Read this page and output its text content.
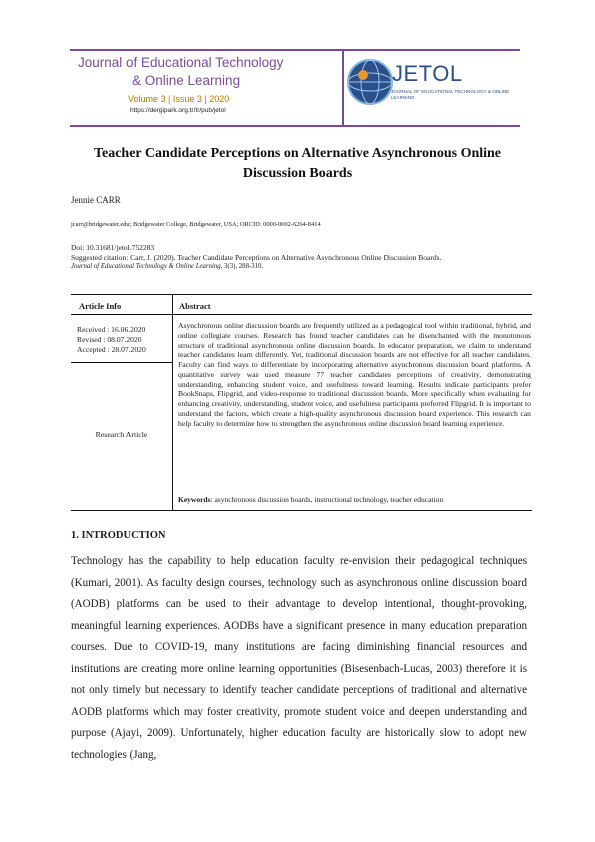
Journal of Educational Technology
& Online Learning
Volume 3 | Issue 3 | 2020
https://dergipark.org.tr/tr/pub/jetol
JETOL
JOURNAL OF EDUCATIONAL TECHNOLOGY & ONLINE LEARNING
Teacher Candidate Perceptions on Alternative Asynchronous Online
Discussion Boards
Jennie CARR
jcarr@bridgewater.edu; Bridgewater College, Bridgewater, USA; ORCID: 0000-0002-6264-8414
Doi: 10.31681/jetol.752283
Suggested citation: Carr, J. (2020). Teacher Candidate Perceptions on Alternative Asynchronous Online Discussion Boards.
Journal of Educational Technology & Online Learning, 3(3), 288-310.
Article Info	Abstract
Received : 16.06.2020
Revised : 08.07.2020
Accepted : 28.07.2020
Research Article
Asynchronous online discussion boards are frequently utilized as a pedagogical tool within traditional, hybrid, and online collegiate courses. Research has found teacher candidates can be disenchanted with the monotonous structure of traditional asynchronous online discussion boards. In educator preparation, we claim to understand teacher candidates learn differently. Yet, traditional discussion boards are not effective for all teacher candidates. Faculty can find ways to differentiate by incorporating alternative asynchronous discussion board platforms. A quantitative survey was used measure 77 teacher candidates perceptions of creativity, demonstrating understanding, enhancing student voice, and usefulness toward learning. Results indicate participants prefer BookSnaps, Flipgrid, and video-response to traditional discussion boards. More specifically when evaluating for enhancing creativity, understanding, student voice, and usefulness participants preferred Flipgrid. It is important to understand the factors, which create a high-quality asynchronous discussion board experience. This research can help faculty to determine how to strengthen the asynchronous online discussion board learning experience.
Keywords: asynchronous discussion boards, instructional technology, teacher education
1. INTRODUCTION
Technology has the capability to help education faculty re-envision their pedagogical techniques (Kumari, 2001). As faculty design courses, technology such as asynchronous online discussion board (AODB) platforms can be used to their advantage to develop intentional, thought-provoking, meaningful learning experiences. AODBs have a significant presence in many education preparation courses. Due to COVID-19, many institutions are facing diminishing financial resources and institutions are creating more online learning opportunities (Bisesenbach-Lucas, 2003) therefore it is not only timely but necessary to identify teacher candidate perceptions of traditional and alternative AODB platforms which may foster creativity, promote student voice and deepen understanding and purpose (Ajayi, 2009). Unfortunately, higher education faculty are historically slow to adopt new technologies (Jang,
